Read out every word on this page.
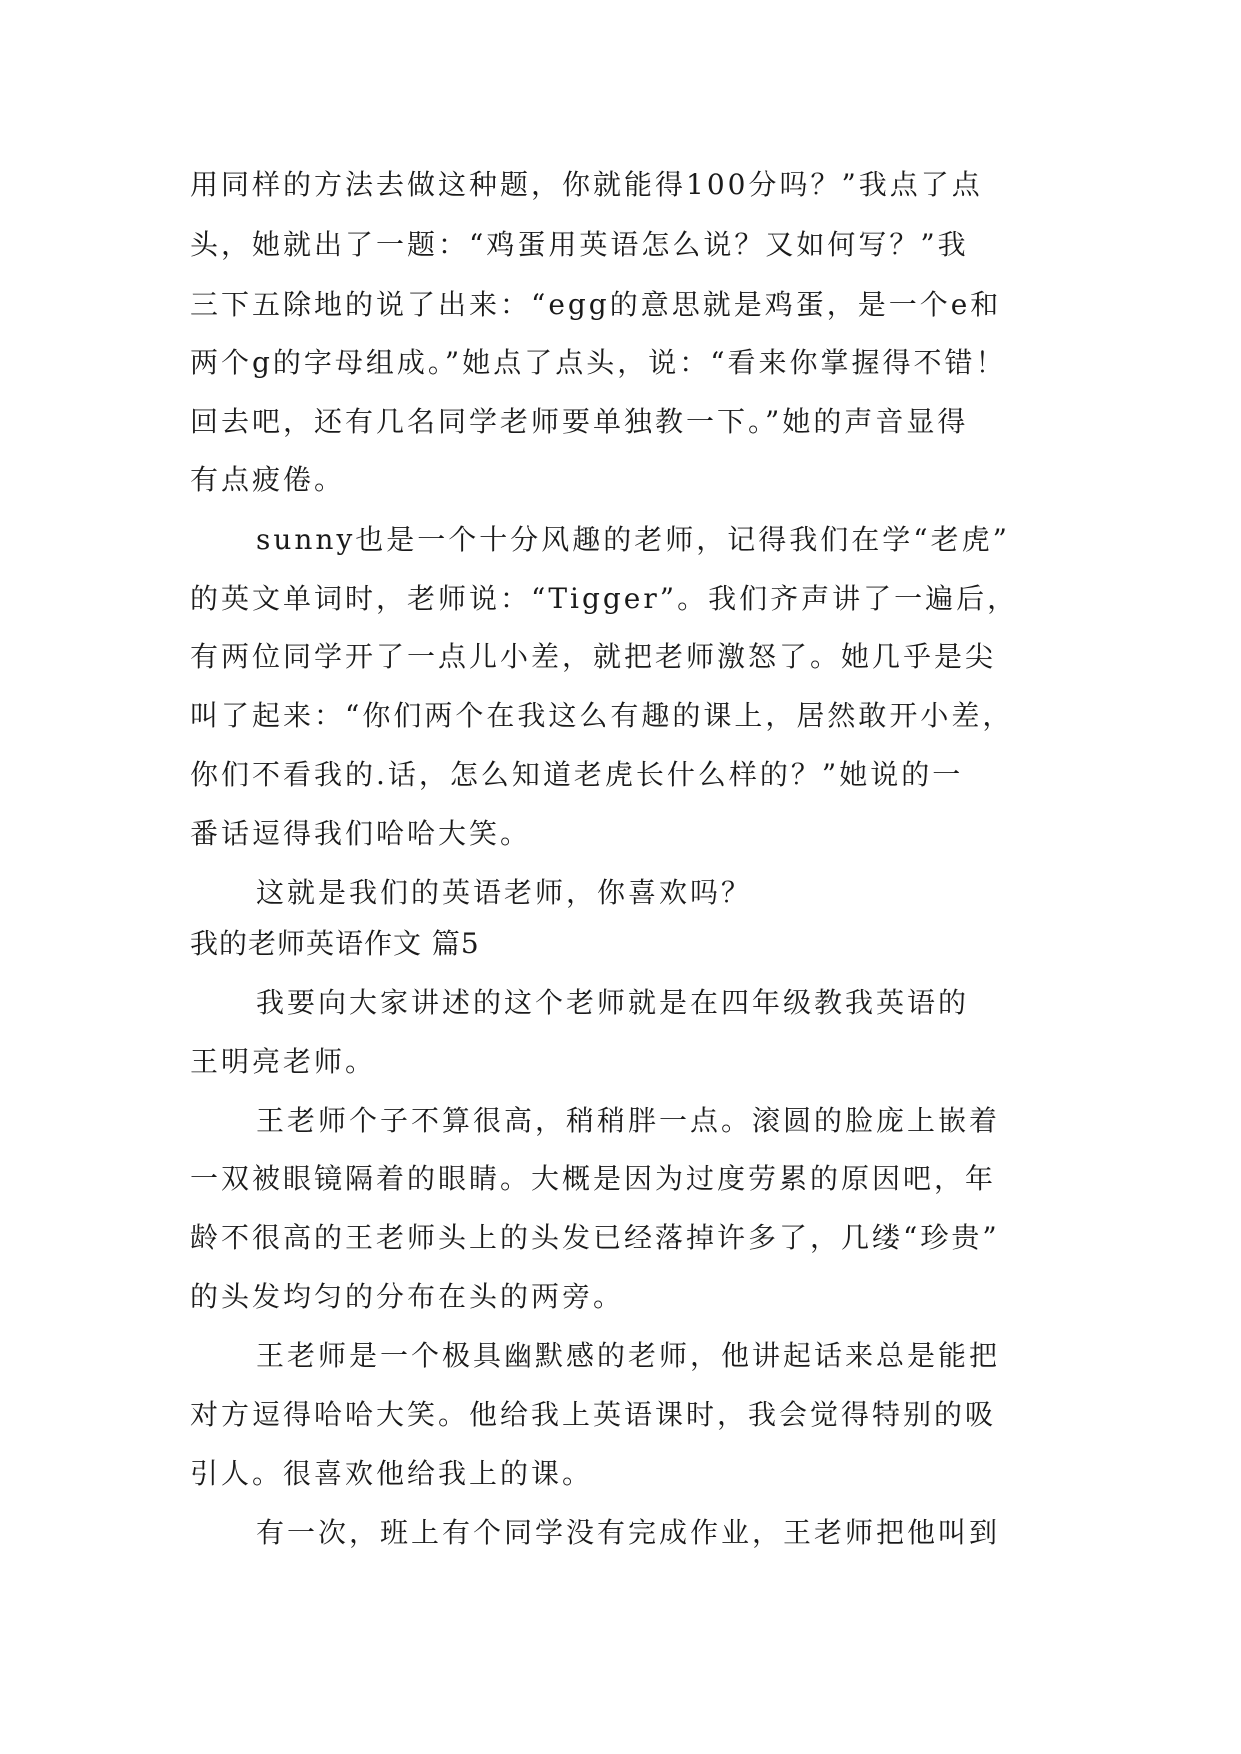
用同样的方法去做这种题，你就能得100分吗？”我点了点
头，她就出了一题：“鸡蛋用英语怎么说？又如何写？”我
三下五除地的说了出来：“egg的意思就是鸡蛋，是一个e和
两个g的字母组成。”她点了点头，说：“看来你掌握得不错！
回去吧，还有几名同学老师要单独教一下。”她的声音显得
有点疲倦。
sunny也是一个十分风趣的老师，记得我们在学“老虎”
的英文单词时，老师说：“Tigger”。我们齐声讲了一遍后，
有两位同学开了一点儿小差，就把老师激怒了。她几乎是尖
叫了起来：“你们两个在我这么有趣的课上，居然敢开小差，
你们不看我的.话，怎么知道老虎长什么样的？”她说的一
番话逗得我们哈哈大笑。
这就是我们的英语老师，你喜欢吗？
我的老师英语作文 篇5
我要向大家讲述的这个老师就是在四年级教我英语的
王明亮老师。
王老师个子不算很高，稍稍胖一点。滚圆的脸庞上嵌着
一双被眼镜隔着的眼睛。大概是因为过度劳累的原因吧，年
龄不很高的王老师头上的头发已经落掉许多了，几缕“珍贵”
的头发均匀的分布在头的两旁。
王老师是一个极具幽默感的老师，他讲起话来总是能把
对方逗得哈哈大笑。他给我上英语课时，我会觉得特别的吸
引人。很喜欢他给我上的课。
有一次，班上有个同学没有完成作业，王老师把他叫到
